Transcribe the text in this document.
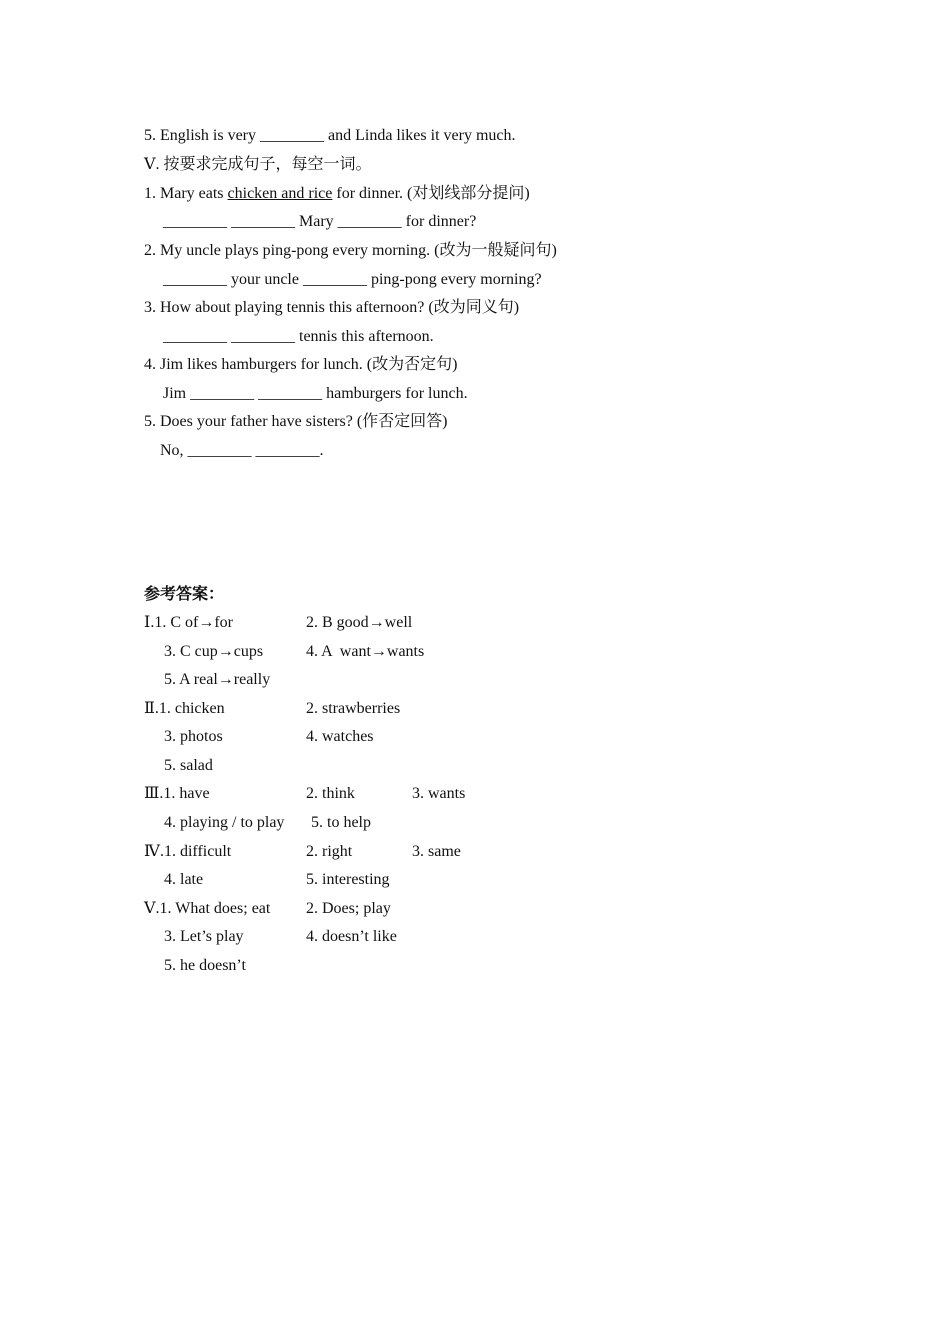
5. English is very ________ and Linda likes it very much.
Ⅴ. 按要求完成句子，每空一词。
1. Mary eats chicken and rice for dinner. (对划线部分提问)
________ ________ Mary ________ for dinner?
2. My uncle plays ping-pong every morning. (改为一般疑问句)
________ your uncle ________ ping-pong every morning?
3. How about playing tennis this afternoon? (改为同义句)
________ ________ tennis this afternoon.
4. Jim likes hamburgers for lunch. (改为否定句)
Jim ________ ________ hamburgers for lunch.
5. Does your father have sisters? (作否定回答)
No, ________ ________.
参考答案：
Ⅰ.1. C of→for	2. B good→well
3. C cup→cups	4. A  want→wants
5. A real→really
Ⅱ.1. chicken	2. strawberries
3. photos	4. watches
5. salad
Ⅲ.1. have	2. think	3. wants
4. playing / to play 5. to help
Ⅳ.1. difficult	2. right	3. same
4. late	5. interesting
Ⅴ.1. What does; eat 2. Does; play
3. Let’s play	4. doesn’t like
5. he doesn’t
